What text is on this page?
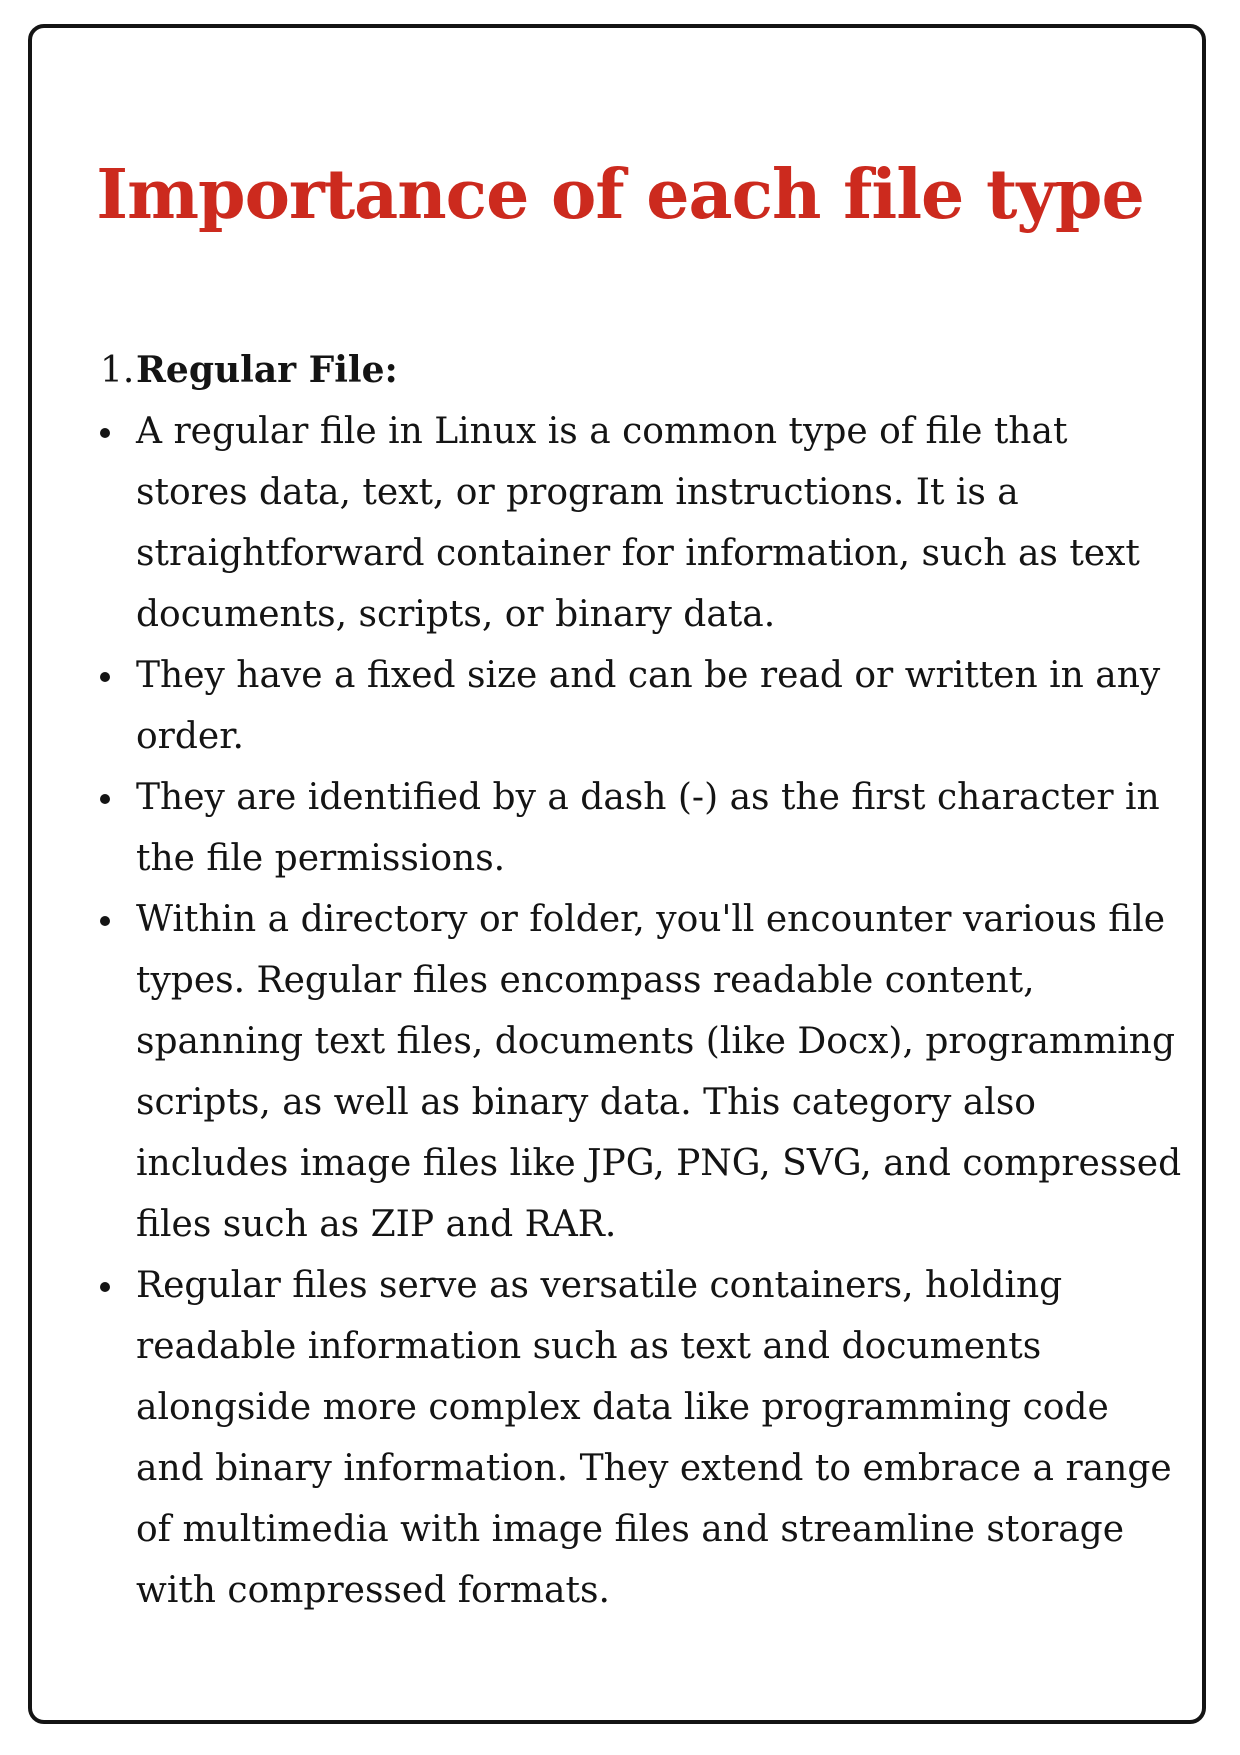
Importance of each file type
1. Regular File:
A regular file in Linux is a common type of file that stores data, text, or program instructions. It is a straightforward container for information, such as text documents, scripts, or binary data.
They have a fixed size and can be read or written in any order.
They are identified by a dash (-) as the first character in the file permissions.
Within a directory or folder, you'll encounter various file types. Regular files encompass readable content, spanning text files, documents (like Docx), programming scripts, as well as binary data. This category also includes image files like JPG, PNG, SVG, and compressed files such as ZIP and RAR.
Regular files serve as versatile containers, holding readable information such as text and documents alongside more complex data like programming code and binary information. They extend to embrace a range of multimedia with image files and streamline storage with compressed formats.
